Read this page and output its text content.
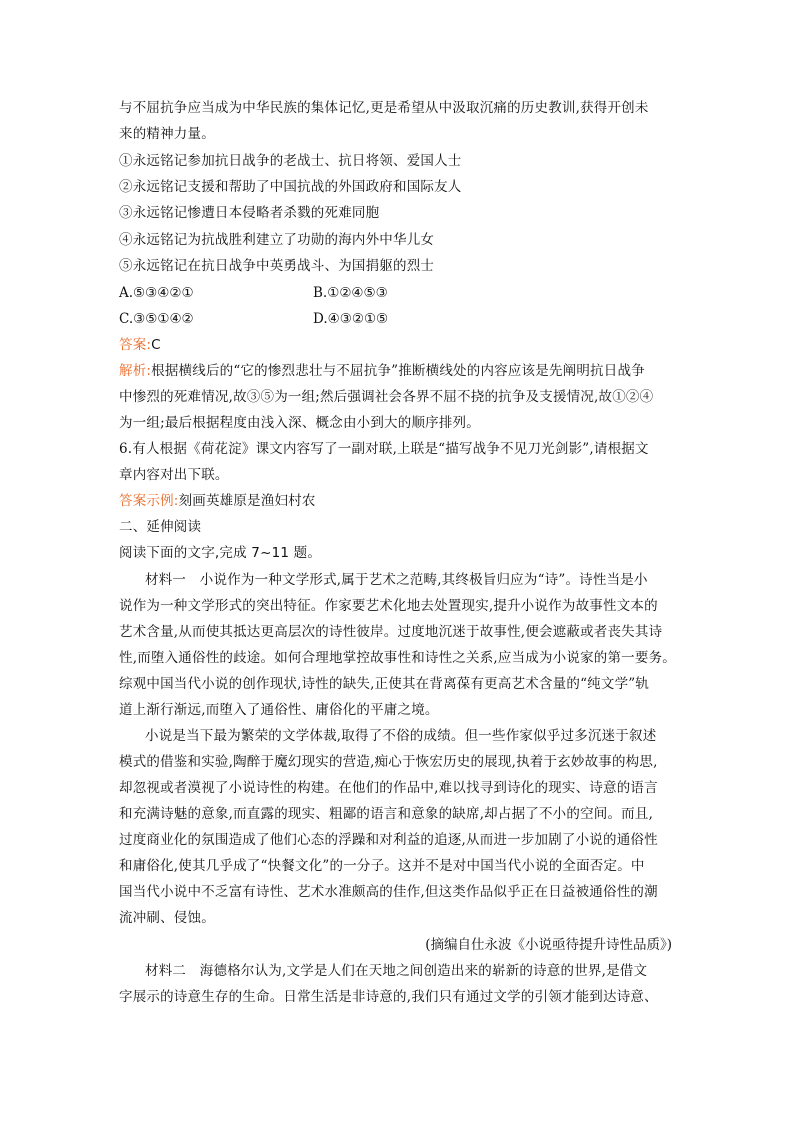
与不屈抗争应当成为中华民族的集体记忆,更是希望从中汲取沉痛的历史教训,获得开创未
来的精神力量。
①永远铭记参加抗日战争的老战士、抗日将领、爱国人士
②永远铭记支援和帮助了中国抗战的外国政府和国际友人
③永远铭记惨遭日本侵略者杀戮的死难同胞
④永远铭记为抗战胜利建立了功勋的海内外中华儿女
⑤永远铭记在抗日战争中英勇战斗、为国捐躯的烈士
A.⑤③④②①	B.①②④⑤③
C.③⑤①④②	D.④③②①⑤
答案:C
解析:根据横线后的“它的惨烈悲壮与不屈抗争”推断横线处的内容应该是先阐明抗日战争
中惨烈的死难情况,故③⑤为一组;然后强调社会各界不屈不挠的抗争及支援情况,故①②④
为一组;最后根据程度由浅入深、概念由小到大的顺序排列。
6.有人根据《荷花淀》课文内容写了一副对联,上联是“描写战争不见刀光剑影”,请根据文
章内容对出下联。
答案示例:刻画英雄原是渔妇村农
二、延伸阅读
阅读下面的文字,完成 7~11 题。
材料一　小说作为一种文学形式,属于艺术之范畴,其终极旨归应为“诗”。诗性当是小
说作为一种文学形式的突出特征。作家要艺术化地去处置现实,提升小说作为故事性文本的
艺术含量,从而使其抵达更高层次的诗性彼岸。过度地沉迷于故事性,便会遮蔽或者丧失其诗
性,而堕入通俗性的歧途。如何合理地掌控故事性和诗性之关系,应当成为小说家的第一要务。
综观中国当代小说的创作现状,诗性的缺失,正使其在背离葆有更高艺术含量的“纯文学”轨
道上渐行渐远,而堕入了通俗性、庸俗化的平庸之境。
小说是当下最为繁荣的文学体裁,取得了不俗的成绩。但一些作家似乎过多沉迷于叙述
模式的借鉴和实验,陶醉于魔幻现实的营造,痴心于恢宏历史的展现,执着于玄妙故事的构思,
却忽视或者漠视了小说诗性的构建。在他们的作品中,难以找寻到诗化的现实、诗意的语言
和充满诗魅的意象,而直露的现实、粗鄙的语言和意象的缺席,却占据了不小的空间。而且,
过度商业化的氛围造成了他们心态的浮躁和对利益的追逐,从而进一步加剧了小说的通俗性
和庸俗化,使其几乎成了“快餐文化”的一分子。这并不是对中国当代小说的全面否定。中
国当代小说中不乏富有诗性、艺术水准颇高的佳作,但这类作品似乎正在日益被通俗性的潮
流冲刷、侵蚀。
(摘编自仕永波《小说亟待提升诗性品质》)
材料二　海德格尔认为,文学是人们在天地之间创造出来的崭新的诗意的世界,是借文
字展示的诗意生存的生命。日常生活是非诗意的,我们只有通过文学的引领才能到达诗意、
